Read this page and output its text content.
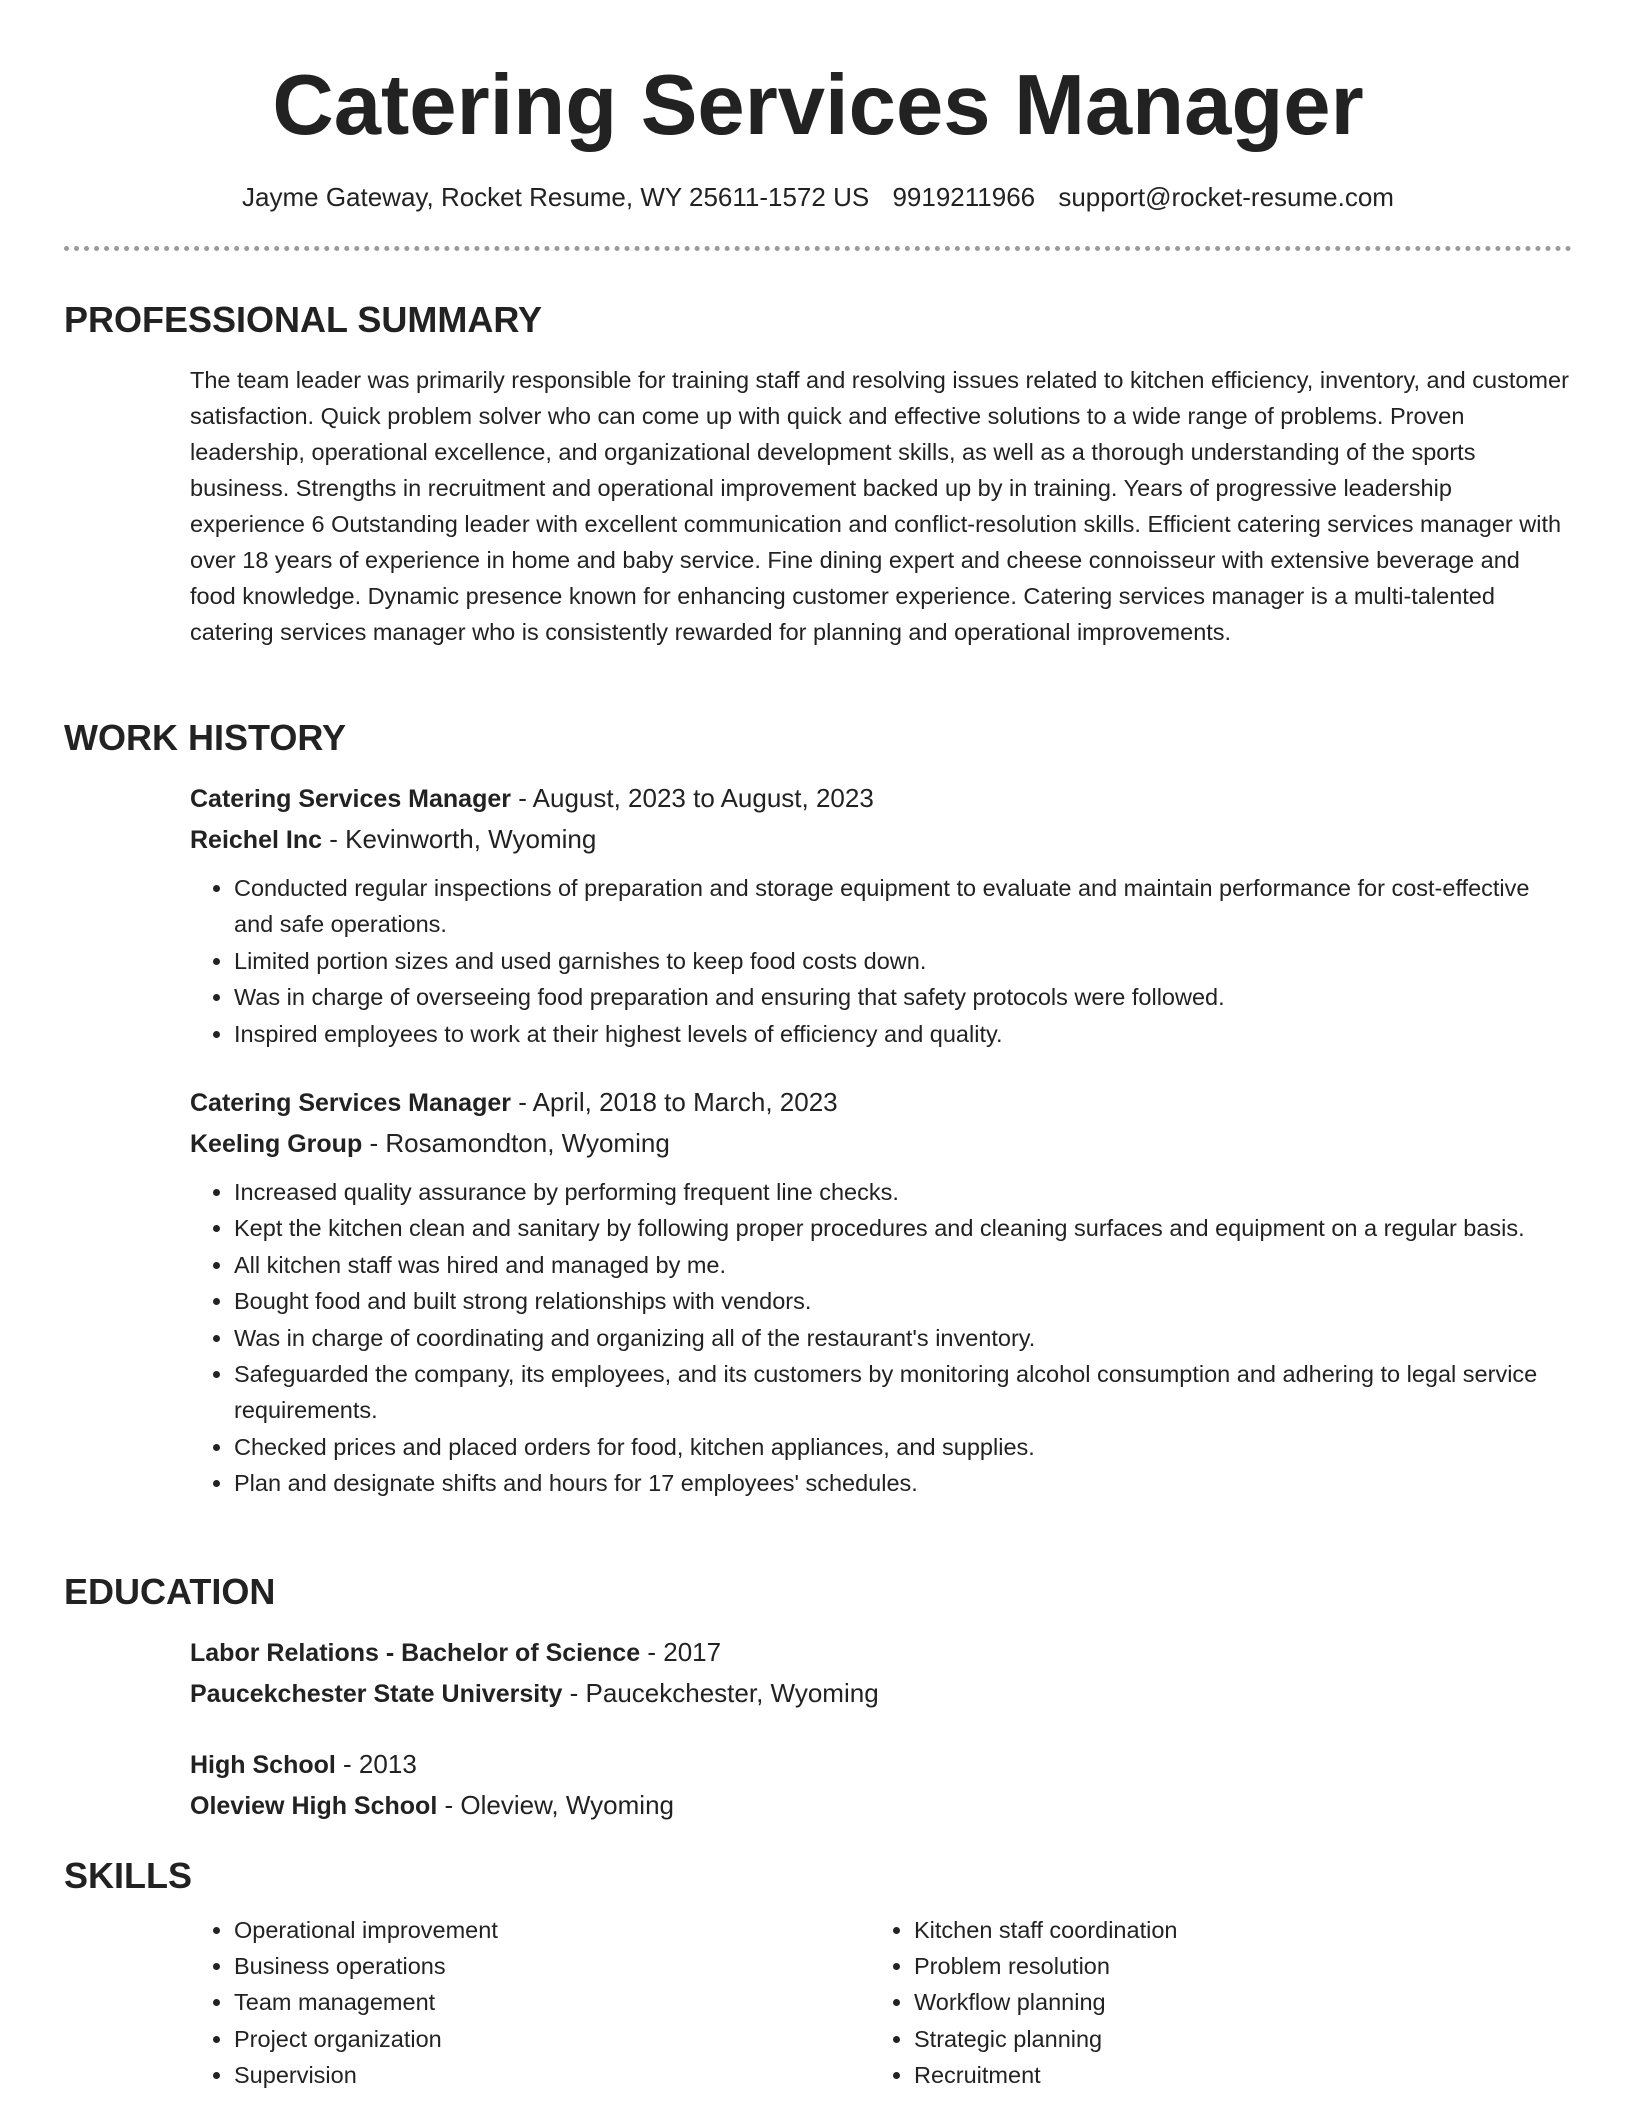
Catering Services Manager
Jayme Gateway, Rocket Resume, WY 25611-1572 US 9919211966 support@rocket-resume.com
PROFESSIONAL SUMMARY
The team leader was primarily responsible for training staff and resolving issues related to kitchen efficiency, inventory, and customer satisfaction. Quick problem solver who can come up with quick and effective solutions to a wide range of problems. Proven leadership, operational excellence, and organizational development skills, as well as a thorough understanding of the sports business. Strengths in recruitment and operational improvement backed up by in training. Years of progressive leadership experience 6 Outstanding leader with excellent communication and conflict-resolution skills. Efficient catering services manager with over 18 years of experience in home and baby service. Fine dining expert and cheese connoisseur with extensive beverage and food knowledge. Dynamic presence known for enhancing customer experience. Catering services manager is a multi-talented catering services manager who is consistently rewarded for planning and operational improvements.
WORK HISTORY
Catering Services Manager - August, 2023 to August, 2023
Reichel Inc - Kevinworth, Wyoming
• Conducted regular inspections of preparation and storage equipment to evaluate and maintain performance for cost-effective and safe operations.
• Limited portion sizes and used garnishes to keep food costs down.
• Was in charge of overseeing food preparation and ensuring that safety protocols were followed.
• Inspired employees to work at their highest levels of efficiency and quality.
Catering Services Manager - April, 2018 to March, 2023
Keeling Group - Rosamondton, Wyoming
• Increased quality assurance by performing frequent line checks.
• Kept the kitchen clean and sanitary by following proper procedures and cleaning surfaces and equipment on a regular basis.
• All kitchen staff was hired and managed by me.
• Bought food and built strong relationships with vendors.
• Was in charge of coordinating and organizing all of the restaurant's inventory.
• Safeguarded the company, its employees, and its customers by monitoring alcohol consumption and adhering to legal service requirements.
• Checked prices and placed orders for food, kitchen appliances, and supplies.
• Plan and designate shifts and hours for 17 employees' schedules.
EDUCATION
Labor Relations - Bachelor of Science - 2017
Paucekchester State University - Paucekchester, Wyoming
High School - 2013
Oleview High School - Oleview, Wyoming
SKILLS
• Operational improvement
• Business operations
• Team management
• Project organization
• Supervision
• Kitchen staff coordination
• Problem resolution
• Workflow planning
• Strategic planning
• Recruitment
